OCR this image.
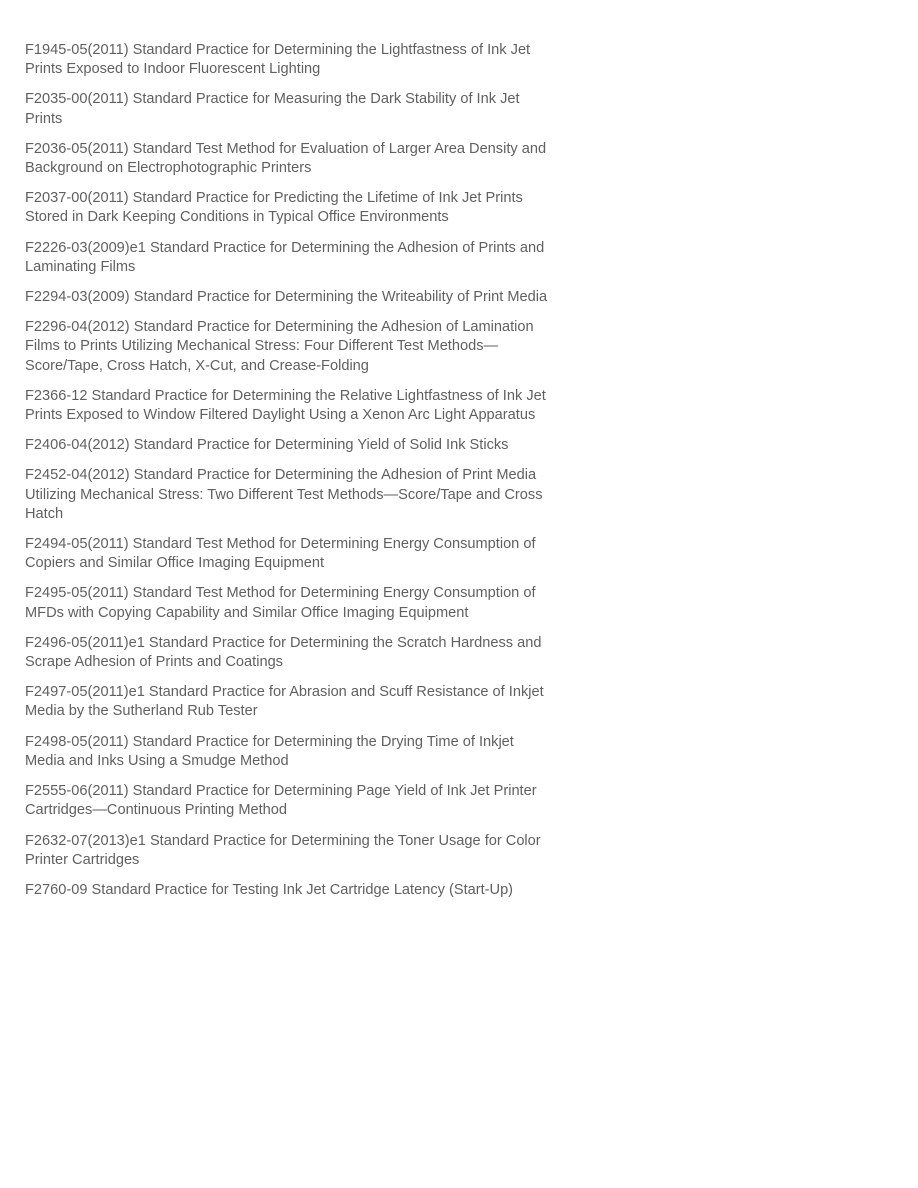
F1945-05(2011) Standard Practice for Determining the Lightfastness of Ink Jet Prints Exposed to Indoor Fluorescent Lighting
F2035-00(2011) Standard Practice for Measuring the Dark Stability of Ink Jet Prints
F2036-05(2011) Standard Test Method for Evaluation of Larger Area Density and Background on Electrophotographic Printers
F2037-00(2011) Standard Practice for Predicting the Lifetime of Ink Jet Prints Stored in Dark Keeping Conditions in Typical Office Environments
F2226-03(2009)e1 Standard Practice for Determining the Adhesion of Prints and Laminating Films
F2294-03(2009) Standard Practice for Determining the Writeability of Print Media
F2296-04(2012) Standard Practice for Determining the Adhesion of Lamination Films to Prints Utilizing Mechanical Stress: Four Different Test Methods—Score/Tape, Cross Hatch, X-Cut, and Crease-Folding
F2366-12 Standard Practice for Determining the Relative Lightfastness of Ink Jet Prints Exposed to Window Filtered Daylight Using a Xenon Arc Light Apparatus
F2406-04(2012) Standard Practice for Determining Yield of Solid Ink Sticks
F2452-04(2012) Standard Practice for Determining the Adhesion of Print Media Utilizing Mechanical Stress: Two Different Test Methods—Score/Tape and Cross Hatch
F2494-05(2011) Standard Test Method for Determining Energy Consumption of Copiers and Similar Office Imaging Equipment
F2495-05(2011) Standard Test Method for Determining Energy Consumption of MFDs with Copying Capability and Similar Office Imaging Equipment
F2496-05(2011)e1 Standard Practice for Determining the Scratch Hardness and Scrape Adhesion of Prints and Coatings
F2497-05(2011)e1 Standard Practice for Abrasion and Scuff Resistance of Inkjet Media by the Sutherland Rub Tester
F2498-05(2011) Standard Practice for Determining the Drying Time of Inkjet Media and Inks Using a Smudge Method
F2555-06(2011) Standard Practice for Determining Page Yield of Ink Jet Printer Cartridges—Continuous Printing Method
F2632-07(2013)e1 Standard Practice for Determining the Toner Usage for Color Printer Cartridges
F2760-09 Standard Practice for Testing Ink Jet Cartridge Latency (Start-Up)
